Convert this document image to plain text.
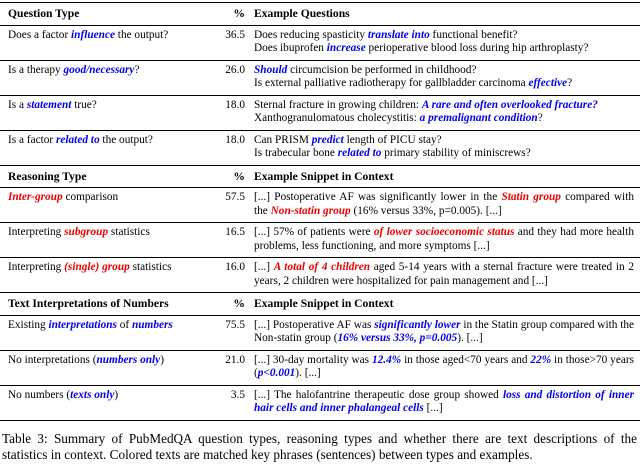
Question Type	% Example Questions
Does a factor influence the output?	36.5 Does reducing spasticity translate into functional benefit?
Does ibuprofen increase perioperative blood loss during hip arthroplasty?
Is a therapy good/necessary?	26.0 Should circumcision be performed in childhood?
Is external palliative radiotherapy for gallbladder carcinoma effective?
Is a statement true?	18.0 Sternal fracture in growing children: A rare and often overlooked fracture?
Xanthogranulomatous cholecystitis: a premalignant condition?
Is a factor related to the output?	18.0 Can PRISM predict length of PICU stay?
Is trabecular bone related to primary stability of miniscrews?
Reasoning Type	% Example Snippet in Context
Inter-group comparison	57.5 [...] Postoperative AF was significantly lower in the Statin group compared with the Non-statin group (16% versus 33%, p=0.005). [...]
Interpreting subgroup statistics	16.5 [...] 57% of patients were of lower socioeconomic status and they had more health problems, less functioning, and more symptoms [...]
Interpreting (single) group statistics	16.0 [...] A total of 4 children aged 5-14 years with a sternal fracture were treated in 2 years, 2 children were hospitalized for pain management and [...]
Text Interpretations of Numbers	% Example Snippet in Context
Existing interpretations of numbers	75.5 [...] Postoperative AF was significantly lower in the Statin group compared with the Non-statin group (16% versus 33%, p=0.005). [...]
No interpretations (numbers only)	21.0 [...] 30-day mortality was 12.4% in those aged<70 years and 22% in those>70 years (p<0.001). [...]
No numbers (texts only)	3.5 [...] The halofantrine therapeutic dose group showed loss and distortion of inner hair cells and inner phalangeal cells [...]
Table 3: Summary of PubMedQA question types, reasoning types and whether there are text descriptions of the statistics in context. Colored texts are matched key phrases (sentences) between types and examples.
